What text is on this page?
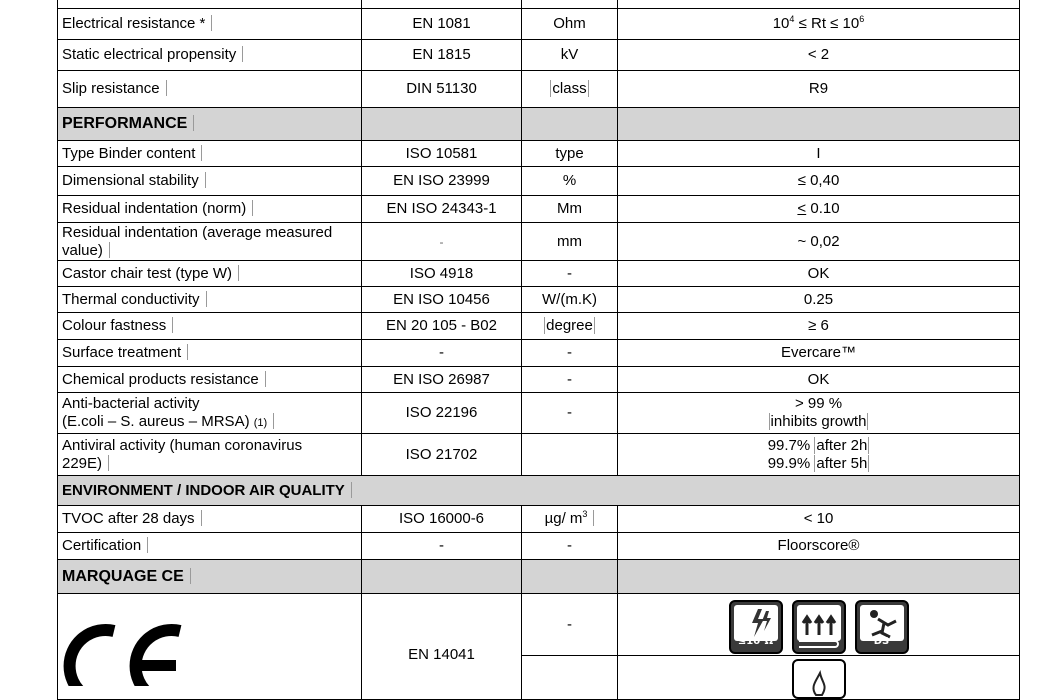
Electrical resistance *	EN 1081	Ohm	$10^4 \le Rt \le 10^6$
Static electrical propensity	EN 1815	kV	< 2
Slip resistance	DIN 51130	class	R9
PERFORMANCE			
Type Binder content	ISO 10581	type	I
Dimensional stability	EN ISO 23999	%	≤ 0,40
Residual indentation (norm)	EN ISO 24343-1	Mm	< 0.10
Residual indentation (average measured
value)	-	mm	~ 0,02
Castor chair test (type W)	ISO 4918	-	OK
Thermal conductivity	EN ISO 10456	W/(m.K)	0.25
Colour fastness	EN 20 105 - B02	degree	≥ 6
Surface treatment	-	-	Evercare™
Chemical products resistance	EN ISO 26987	-	OK
Anti-bacterial activity
(E.coli – S. aureus – MRSA) (1)	ISO 22196	-	> 99 %
inhibits growth
Antiviral activity (human coronavirus
229E)	ISO 21702		99.7% after 2h
99.9% after 5h
ENVIRONMENT / INDOOR AIR QUALITY			
TVOC after 28 days	ISO 16000-6	µg/ $m^3$	< 10
Certification	-	-	Floorscore®
MARQUAGE CE			
	EN 14041	-	≤10⁶Ω DS
